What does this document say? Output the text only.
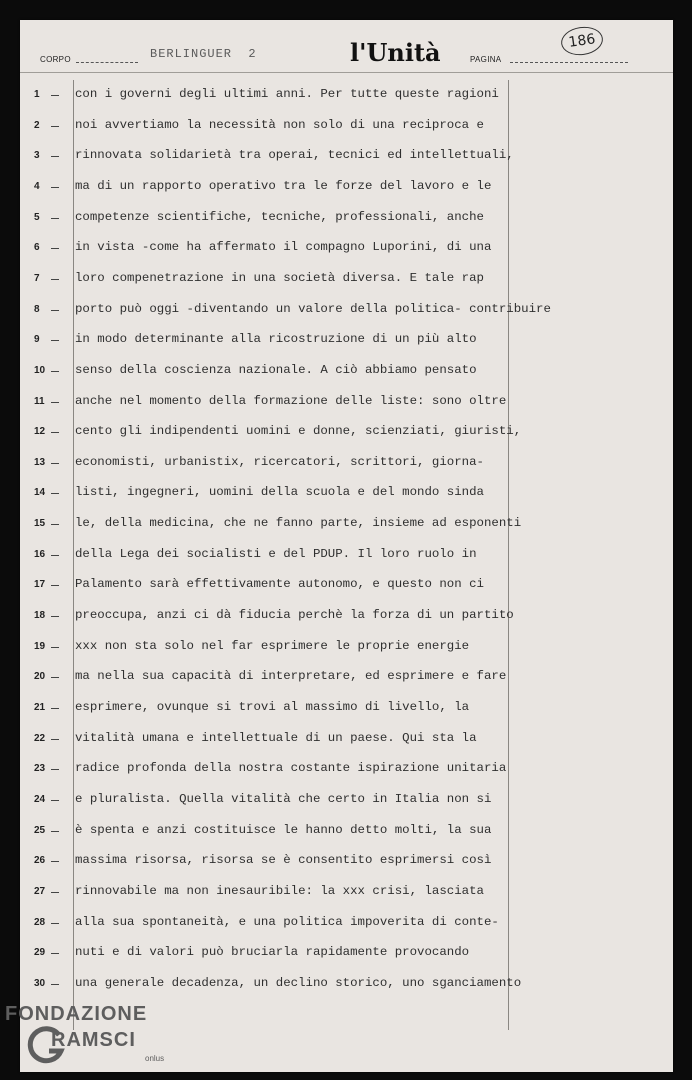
CORPO	BERLINGUER  2	l'Unità	PAGINA
186
1	con i governi degli ultimi anni. Per tutte queste ragioni
2	noi avvertiamo la necessità non solo di una reciproca e
3	rinnovata solidarietà tra operai, tecnici ed intellettuali,
4	ma di un rapporto operativo tra le forze del lavoro e le
5	competenze scientifiche, tecniche, professionali, anche
6	in vista -come ha affermato il compagno Luporini, di una
7	loro compenetrazione in una società diversa. E tale rap
8	porto può oggi -diventando un valore della politica- contribuire
9	in modo determinante alla ricostruzione di un più alto
10 senso della coscienza nazionale. A ciò abbiamo pensato
11 anche nel momento della formazione delle liste: sono oltre
12 cento gli indipendenti uomini e donne, scienziati, giuristi,
13 economisti, urbanistix, ricercatori, scrittori, giorna-
14 listi, ingegneri, uomini della scuola e del mondo sinda
15 le, della medicina, che ne fanno parte, insieme ad esponenti
16 della Lega dei socialisti e del PDUP. Il loro ruolo in
17 Palamento sarà effettivamente autonomo, e questo non ci
18 preoccupa, anzi ci dà fiducia perchè la forza di un partito
19 xxx non sta solo nel far esprimere le proprie energie
20 ma nella sua capacità di interpretare, ed esprimere e fare
21 esprimere, ovunque si trovi al massimo di livello, la
22 vitalità umana e intellettuale di un paese. Qui sta la
23 radice profonda della nostra costante ispirazione unitaria
24 e pluralista. Quella vitalità che certo in Italia non si
25 è spenta e anzi costituisce le hanno detto molti, la sua
26 massima risorsa, risorsa se è consentito esprimersi così
27 rinnovabile ma non inesauribile: la xxx crisi, lasciata
28 alla sua spontaneità, e una politica impoverita di conte-
29 nuti e di valori può bruciarla rapidamente provocando
30 una generale decadenza, un declino storico, uno sganciamento
FONDAZIONE
RAMSCI
onlus
